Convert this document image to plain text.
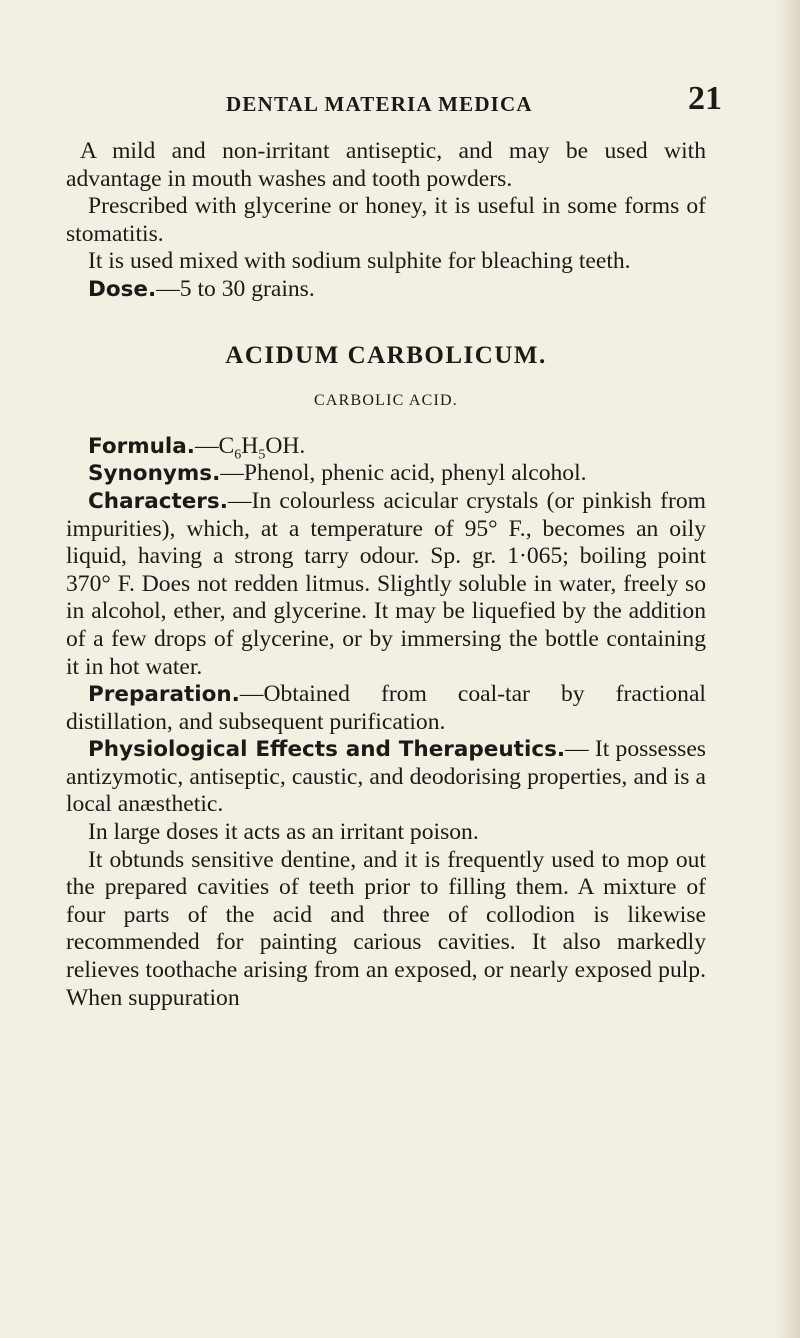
DENTAL MATERIA MEDICA	21

A mild and non-irritant antiseptic, and may be used with advantage in mouth washes and tooth powders.

Prescribed with glycerine or honey, it is useful in some forms of stomatitis.

It is used mixed with sodium sulphite for bleaching teeth.

Dose.—5 to 30 grains.

ACIDUM CARBOLICUM.
CARBOLIC ACID.

$Formula.—C_6H_5OH$.

Synonyms.—Phenol, phenic acid, phenyl alcohol.

Characters.—In colourless acicular crystals (or pinkish from impurities), which, at a temperature of 95° F., becomes an oily liquid, having a strong tarry odour. Sp. gr. 1·065; boiling point 370° F. Does not redden litmus. Slightly soluble in water, freely so in alcohol, ether, and glycerine. It may be liquefied by the addition of a few drops of glycerine, or by immersing the bottle containing it in hot water.

Preparation.—Obtained from coal-tar by fractional distillation, and subsequent purification.

Physiological Effects and Therapeutics.— It possesses antizymotic, antiseptic, caustic, and deodorising properties, and is a local anæsthetic.

In large doses it acts as an irritant poison.

It obtunds sensitive dentine, and it is frequently used to mop out the prepared cavities of teeth prior to filling them. A mixture of four parts of the acid and three of collodion is likewise recommended for painting carious cavities. It also markedly relieves toothache arising from an exposed, or nearly exposed pulp. When suppuration
